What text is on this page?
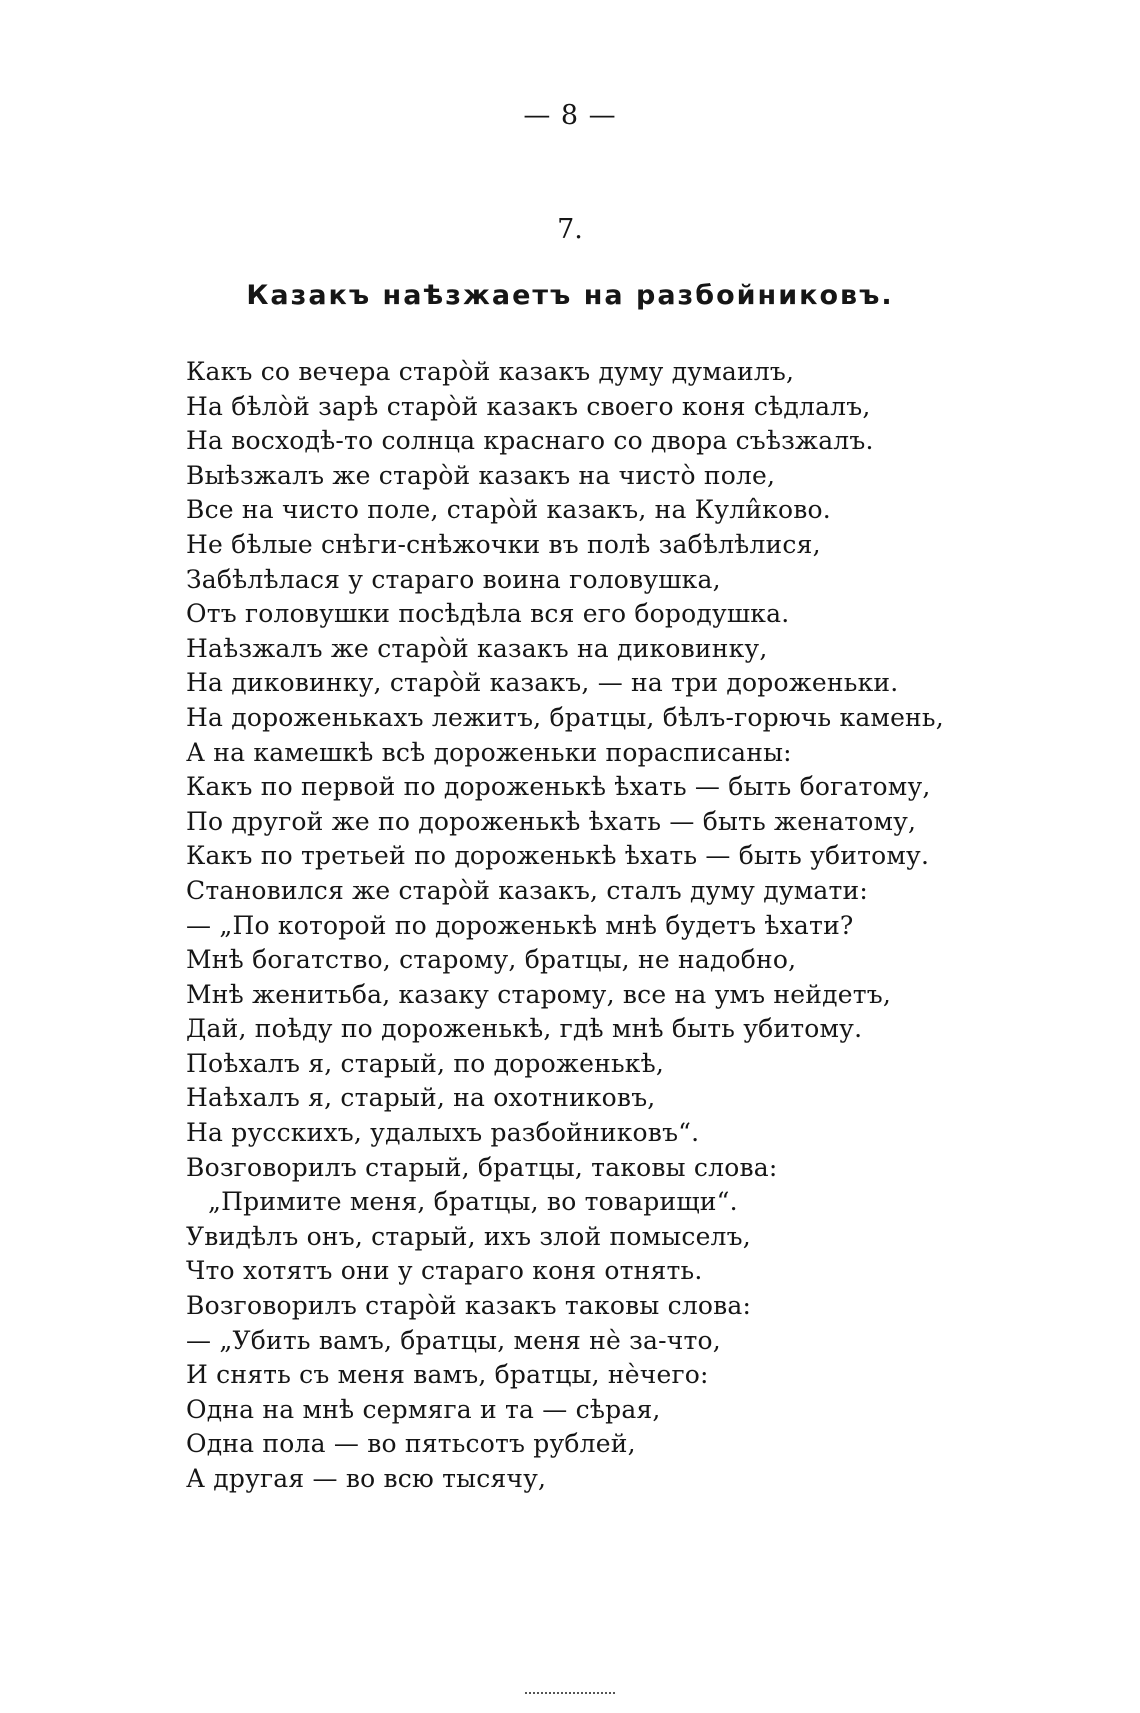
— 8 —
7.
Казакъ наѣзжаетъ на разбойниковъ.
Какъ со вечера старо̀й казакъ думу думаилъ,
На бѣло̀й зарѣ старо̀й казакъ своего коня сѣдлалъ,
На восходѣ-то солнца краснаго со двора съѣзжалъ.
Выѣзжалъ же старо̀й казакъ на чисто̀ поле,
Все на чисто поле, старо̀й казакъ, на Кули̂ково.
Не бѣлые снѣги-снѣжочки въ полѣ забѣлѣлися,
Забѣлѣлася у стараго воина головушка,
Отъ головушки посѣдѣла вся его бородушка.
Наѣзжалъ же старо̀й казакъ на диковинку,
На диковинку, старо̀й казакъ, — на три дороженьки.
На дороженькахъ лежитъ, братцы, бѣлъ-горючь камень,
А на камешкѣ всѣ дороженьки порасписаны:
Какъ по первой по дороженькѣ ѣхать — быть богатому,
По другой же по дороженькѣ ѣхать — быть женатому,
Какъ по третьей по дороженькѣ ѣхать — быть убитому.
Становился же старо̀й казакъ, сталъ думу думати:
— „По которой по дороженькѣ мнѣ будетъ ѣхати?
Мнѣ богатство, старому, братцы, не надобно,
Мнѣ женитьба, казаку старому, все на умъ нейдетъ,
Дай, поѣду по дороженькѣ, гдѣ мнѣ быть убитому.
Поѣхалъ я, старый, по дороженькѣ,
Наѣхалъ я, старый, на охотниковъ,
На русскихъ, удалыхъ разбойниковъ“.
Возговорилъ старый, братцы, таковы слова:
„Примите меня, братцы, во товарищи“.
Увидѣлъ онъ, старый, ихъ злой помыселъ,
Что хотятъ они у стараго коня отнять.
Возговорилъ старо̀й казакъ таковы слова:
— „Убить вамъ, братцы, меня нѐ за-что,
И снять съ меня вамъ, братцы, нѐчего:
Одна на мнѣ сермяга и та — сѣрая,
Одна пола — во пятьсотъ рублей,
А другая — во всю тысячу,
